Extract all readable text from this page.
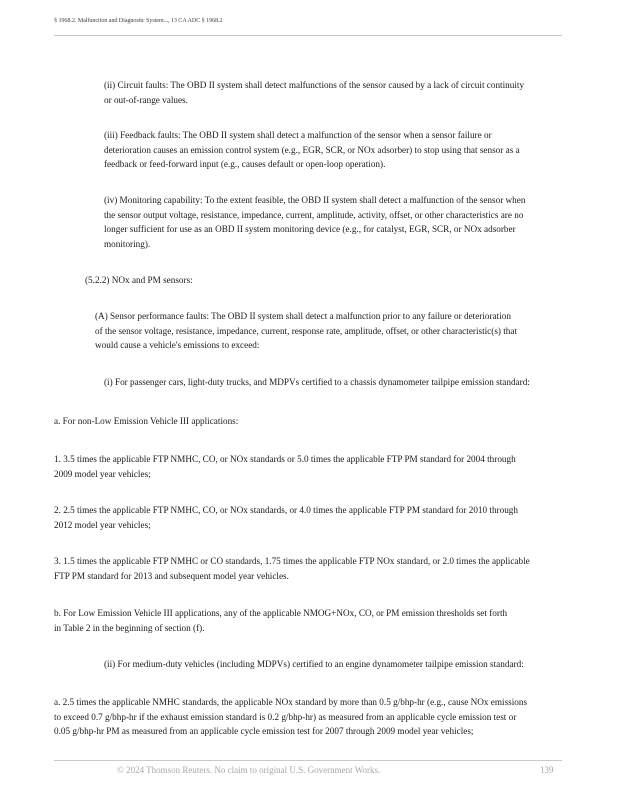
§ 1968.2. Malfunction and Diagnostic System..., 13 CA ADC § 1968.2
(ii) Circuit faults: The OBD II system shall detect malfunctions of the sensor caused by a lack of circuit continuity
or out-of-range values.
(iii) Feedback faults: The OBD II system shall detect a malfunction of the sensor when a sensor failure or
deterioration causes an emission control system (e.g., EGR, SCR, or NOx adsorber) to stop using that sensor as a
feedback or feed-forward input (e.g., causes default or open-loop operation).
(iv) Monitoring capability: To the extent feasible, the OBD II system shall detect a malfunction of the sensor when
the sensor output voltage, resistance, impedance, current, amplitude, activity, offset, or other characteristics are no
longer sufficient for use as an OBD II system monitoring device (e.g., for catalyst, EGR, SCR, or NOx adsorber
monitoring).
(5.2.2) NOx and PM sensors:
(A) Sensor performance faults: The OBD II system shall detect a malfunction prior to any failure or deterioration
of the sensor voltage, resistance, impedance, current, response rate, amplitude, offset, or other characteristic(s) that
would cause a vehicle's emissions to exceed:
(i) For passenger cars, light-duty trucks, and MDPVs certified to a chassis dynamometer tailpipe emission standard:
a. For non-Low Emission Vehicle III applications:
1. 3.5 times the applicable FTP NMHC, CO, or NOx standards or 5.0 times the applicable FTP PM standard for 2004 through
2009 model year vehicles;
2. 2.5 times the applicable FTP NMHC, CO, or NOx standards, or 4.0 times the applicable FTP PM standard for 2010 through
2012 model year vehicles;
3. 1.5 times the applicable FTP NMHC or CO standards, 1.75 times the applicable FTP NOx standard, or 2.0 times the applicable
FTP PM standard for 2013 and subsequent model year vehicles.
b. For Low Emission Vehicle III applications, any of the applicable NMOG+NOx, CO, or PM emission thresholds set forth
in Table 2 in the beginning of section (f).
(ii) For medium-duty vehicles (including MDPVs) certified to an engine dynamometer tailpipe emission standard:
a. 2.5 times the applicable NMHC standards, the applicable NOx standard by more than 0.5 g/bhp-hr (e.g., cause NOx emissions
to exceed 0.7 g/bhp-hr if the exhaust emission standard is 0.2 g/bhp-hr) as measured from an applicable cycle emission test or
0.05 g/bhp-hr PM as measured from an applicable cycle emission test for 2007 through 2009 model year vehicles;
© 2024 Thomson Reuters. No claim to original U.S. Government Works.	139
